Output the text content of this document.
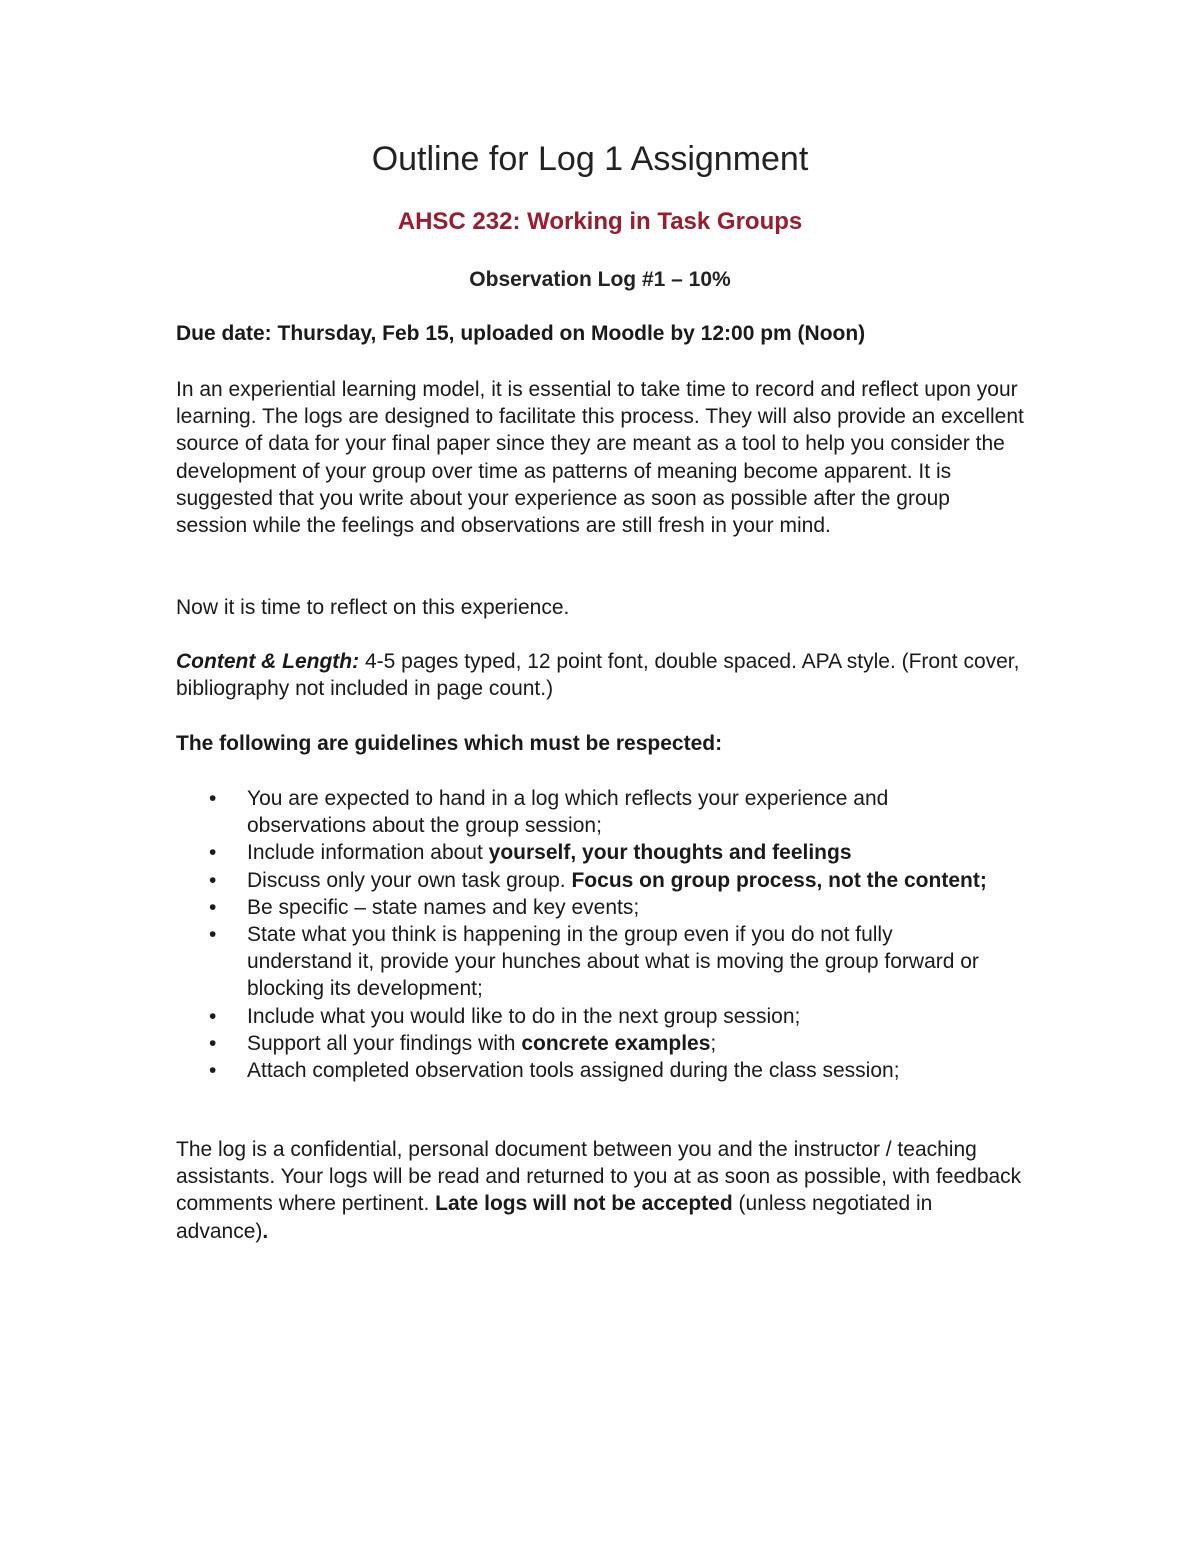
Outline for Log 1 Assignment
AHSC 232: Working in Task Groups
Observation Log #1 – 10%

Due date: Thursday, Feb 15, uploaded on Moodle by 12:00 pm (Noon)

In an experiential learning model, it is essential to take time to record and reflect upon your learning. The logs are designed to facilitate this process. They will also provide an excellent source of data for your final paper since they are meant as a tool to help you consider the development of your group over time as patterns of meaning become apparent. It is suggested that you write about your experience as soon as possible after the group session while the feelings and observations are still fresh in your mind.

Now it is time to reflect on this experience.

Content & Length: 4-5 pages typed, 12 point font, double spaced. APA style. (Front cover, bibliography not included in page count.)

The following are guidelines which must be respected:

• You are expected to hand in a log which reflects your experience and observations about the group session;
• Include information about yourself, your thoughts and feelings
• Discuss only your own task group. Focus on group process, not the content;
• Be specific – state names and key events;
• State what you think is happening in the group even if you do not fully understand it, provide your hunches about what is moving the group forward or blocking its development;
• Include what you would like to do in the next group session;
• Support all your findings with concrete examples;
• Attach completed observation tools assigned during the class session;

The log is a confidential, personal document between you and the instructor / teaching assistants. Your logs will be read and returned to you at as soon as possible, with feedback comments where pertinent. Late logs will not be accepted (unless negotiated in advance).
